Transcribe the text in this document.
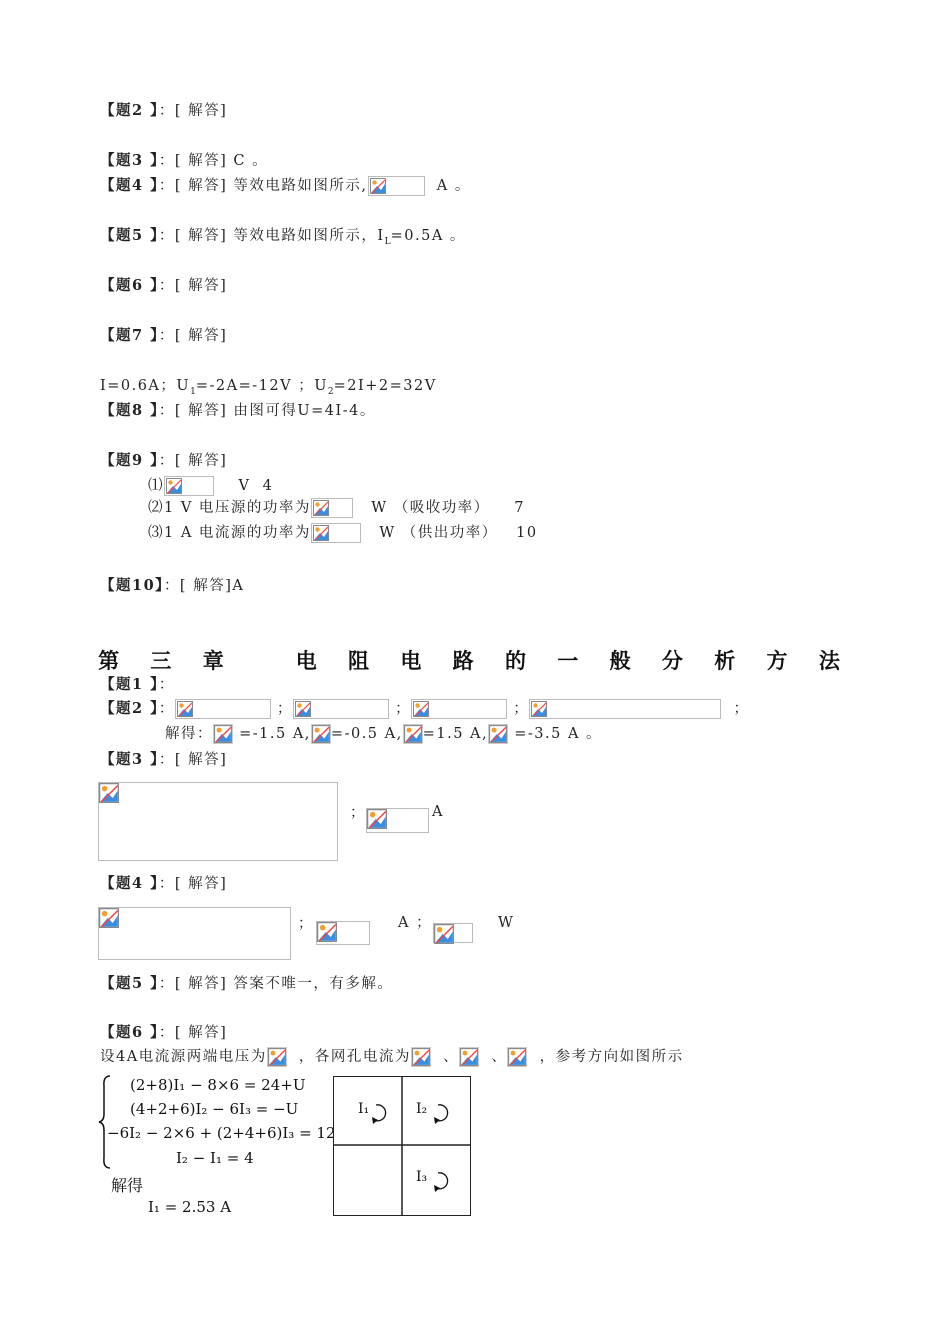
【题2 】：[ 解答]
【题3 】：[ 解答] C 。
【题4 】：[ 解答] 等效电路如图所示,	A 。
【题5 】：[ 解答] 等效电路如图所示，$I_L=0.5A$ 。
【题6 】：[ 解答]
【题7 】：[ 解答]
I=0.6A；$U_1=-2A=-12V$ ；$U_2=2I+2=32V$
【题8 】：[ 解答] 由图可得U=4I-4。
【题9 】：[ 解答]
⑴	V  4
⑵1 V 电压源的功率为	W （吸收功率）    7
⑶1 A 电流源的功率为	W （供出功率）   10
【题10】：[ 解答]A
第 三 章	电 阻 电 路 的 一 般 分 析 方 法
【题1 】：
【题2 】：	；	；	；	；
解得： =-1.5 A, =-0.5 A, =1.5 A, =-3.5 A 。
【题3 】：[ 解答]
；	A
【题4 】：[ 解答]
；	A ；	W
【题5 】：[ 解答] 答案不唯一，有多解。
【题6 】：[ 解答]
设4A电流源两端电压为 ，各网孔电流为 、 、 ，参考方向如图所示
(2+8)I₁ − 8×6 = 24+U
(4+2+6)I₂ − 6I₃ = −U
−6I₂ − 2×6 + (2+4+6)I₃ = 12
I₂ − I₁ = 4
解得
I₁ = 2.53 A
I₁	I₂
I₃
